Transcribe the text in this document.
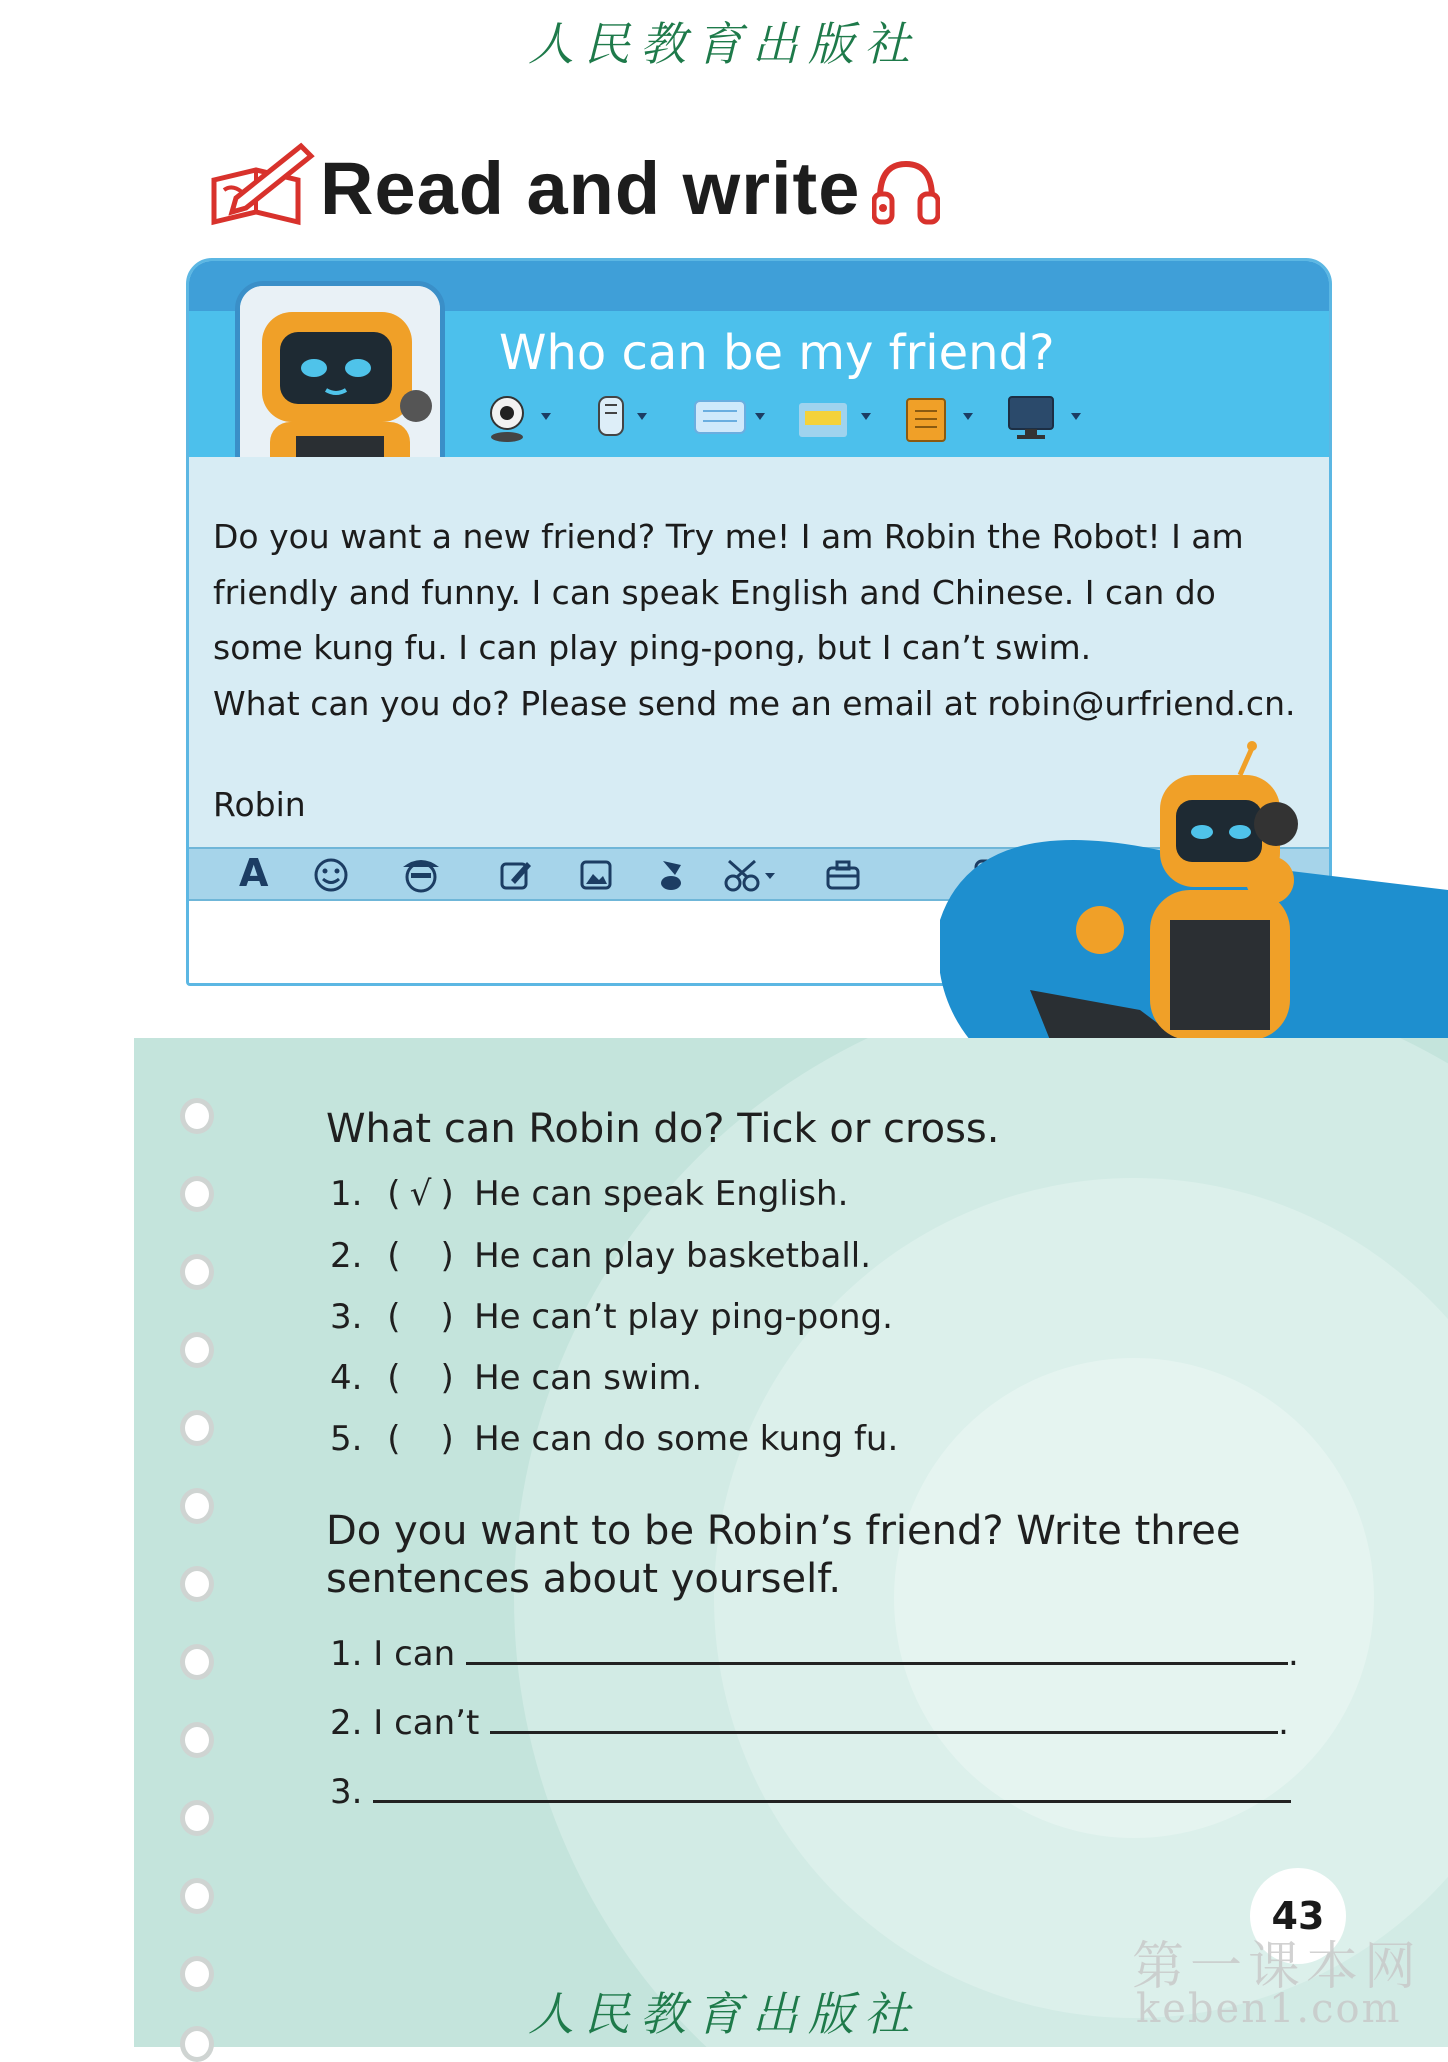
人民教育出版社
Read and write
Who can be my friend?
Do you want a new friend? Try me! I am Robin the Robot! I am
friendly and funny. I can speak English and Chinese. I can do
some kung fu. I can play ping-pong, but I can’t swim.
What can you do? Please send me an email at robin@urfriend.cn.
Robin
A
What can Robin do? Tick or cross.
1. ( √ ) He can speak English.
2. ( ) He can play basketball.
3. ( ) He can’t play ping-pong.
4. ( ) He can swim.
5. ( ) He can do some kung fu.
Do you want to be Robin’s friend? Write three
sentences about yourself.
1. I can	.
2. I can’t	.
3.
43
第一课本网
keben1.com
人民教育出版社
